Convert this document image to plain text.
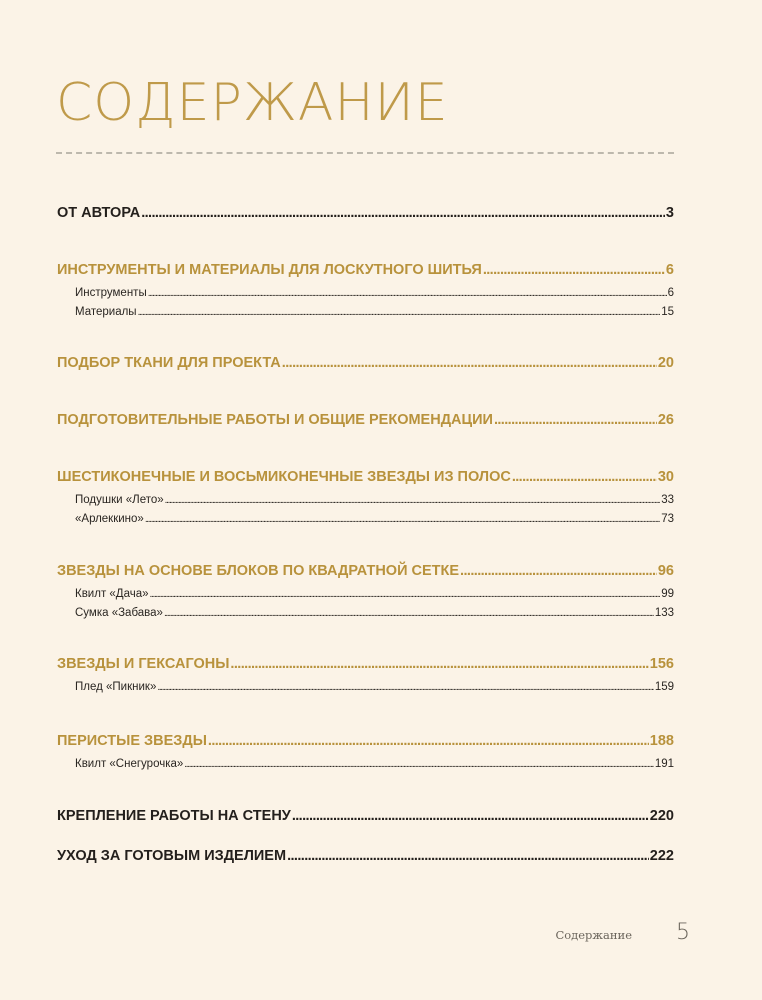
СОДЕРЖАНИЕ
ОТ АВТОРА .....	3
ИНСТРУМЕНТЫ И МАТЕРИАЛЫ ДЛЯ ЛОСКУТНОГО ШИТЬЯ .....	6
Инструменты .....	6
Материалы .....	15
ПОДБОР ТКАНИ ДЛЯ ПРОЕКТА .....	20
ПОДГОТОВИТЕЛЬНЫЕ РАБОТЫ И ОБЩИЕ РЕКОМЕНДАЦИИ .....	26
ШЕСТИКОНЕЧНЫЕ И ВОСЬМИКОНЕЧНЫЕ ЗВЕЗДЫ ИЗ ПОЛОС .....	30
Подушки «Лето» .....	33
«Арлеккино» .....	73
ЗВЕЗДЫ НА ОСНОВЕ БЛОКОВ ПО КВАДРАТНОЙ СЕТКЕ .....	96
Квилт «Дача» .....	99
Сумка «Забава» .....	133
ЗВЕЗДЫ И ГЕКСАГОНЫ .....	156
Плед «Пикник» .....	159
ПЕРИСТЫЕ ЗВЕЗДЫ .....	188
Квилт «Снегурочка» .....	191
КРЕПЛЕНИЕ РАБОТЫ НА СТЕНУ .....	220
УХОД ЗА ГОТОВЫМ ИЗДЕЛИЕМ .....	222
Содержание 5
